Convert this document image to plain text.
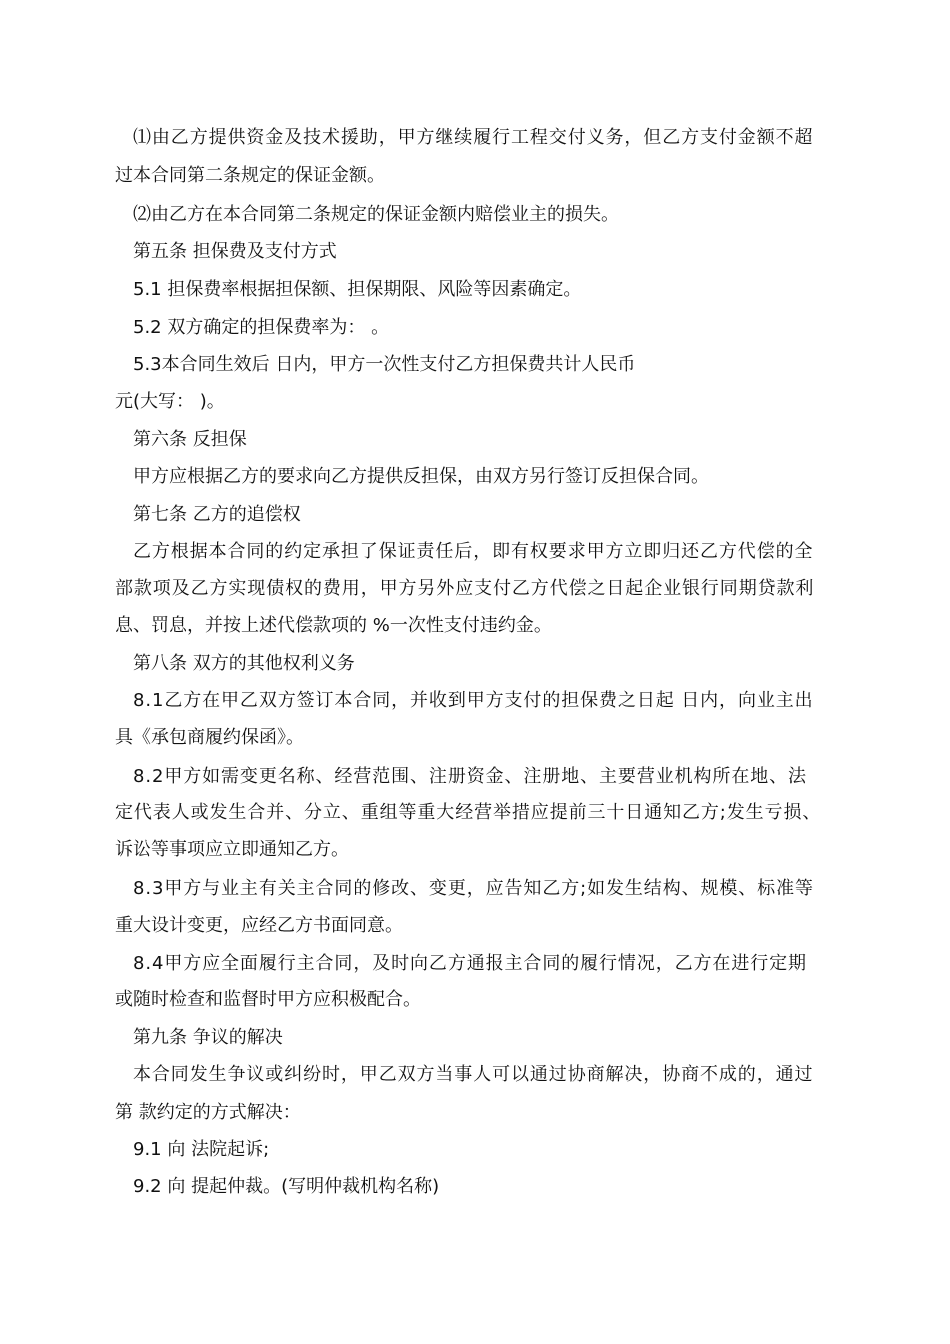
⑴由乙方提供资金及技术援助，甲方继续履行工程交付义务，但乙方支付金额不超
过本合同第二条规定的保证金额。
⑵由乙方在本合同第二条规定的保证金额内赔偿业主的损失。
第五条 担保费及支付方式
5.1 担保费率根据担保额、担保期限、风险等因素确定。
5.2 双方确定的担保费率为： 。
5.3本合同生效后 日内，甲方一次性支付乙方担保费共计人民币
元(大写： )。
第六条 反担保
甲方应根据乙方的要求向乙方提供反担保，由双方另行签订反担保合同。
第七条 乙方的追偿权
乙方根据本合同的约定承担了保证责任后，即有权要求甲方立即归还乙方代偿的全
部款项及乙方实现债权的费用，甲方另外应支付乙方代偿之日起企业银行同期贷款利
息、罚息，并按上述代偿款项的 %一次性支付违约金。
第八条 双方的其他权利义务
8.1乙方在甲乙双方签订本合同，并收到甲方支付的担保费之日起 日内，向业主出
具《承包商履约保函》。
8.2甲方如需变更名称、经营范围、注册资金、注册地、主要营业机构所在地、法
定代表人或发生合并、分立、重组等重大经营举措应提前三十日通知乙方;发生亏损、
诉讼等事项应立即通知乙方。
8.3甲方与业主有关主合同的修改、变更，应告知乙方;如发生结构、规模、标准等
重大设计变更，应经乙方书面同意。
8.4甲方应全面履行主合同，及时向乙方通报主合同的履行情况，乙方在进行定期
或随时检查和监督时甲方应积极配合。
第九条 争议的解决
本合同发生争议或纠纷时，甲乙双方当事人可以通过协商解决，协商不成的，通过
第 款约定的方式解决：
9.1 向 法院起诉;
9.2 向 提起仲裁。(写明仲裁机构名称)
